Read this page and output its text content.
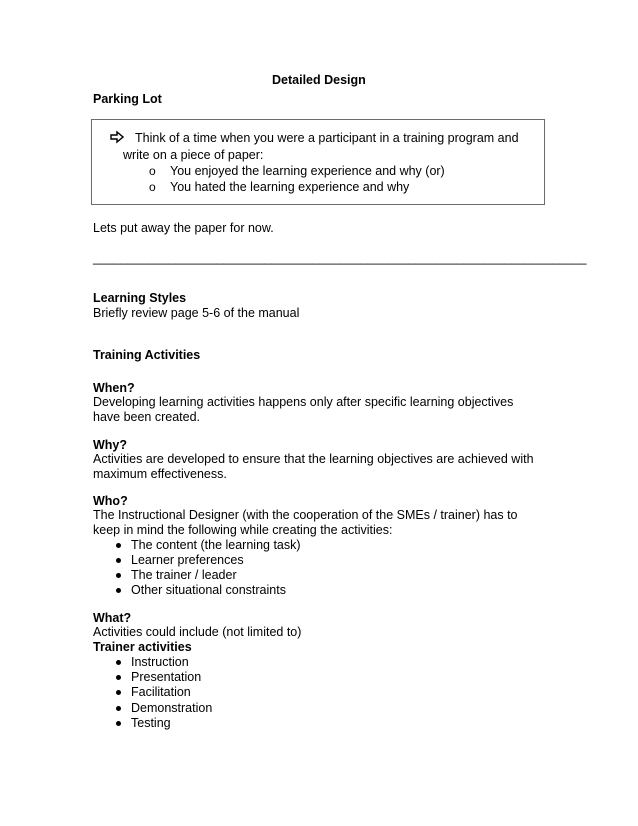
Detailed Design
Parking Lot
Think of a time when you were a participant in a training program and
write on a piece of paper:
o You enjoyed the learning experience and why (or)
o You hated the learning experience and why
Lets put away the paper for now.
________________________________________________________________________
Learning Styles
Briefly review page 5-6 of the manual
Training Activities
When?
Developing learning activities happens only after specific learning objectives
have been created.
Why?
Activities are developed to ensure that the learning objectives are achieved with
maximum effectiveness.
Who?
The Instructional Designer (with the cooperation of the SMEs / trainer) has to
keep in mind the following while creating the activities:
The content (the learning task)
Learner preferences
The trainer / leader
Other situational constraints
What?
Activities could include (not limited to)
Trainer activities
Instruction
Presentation
Facilitation
Demonstration
Testing
